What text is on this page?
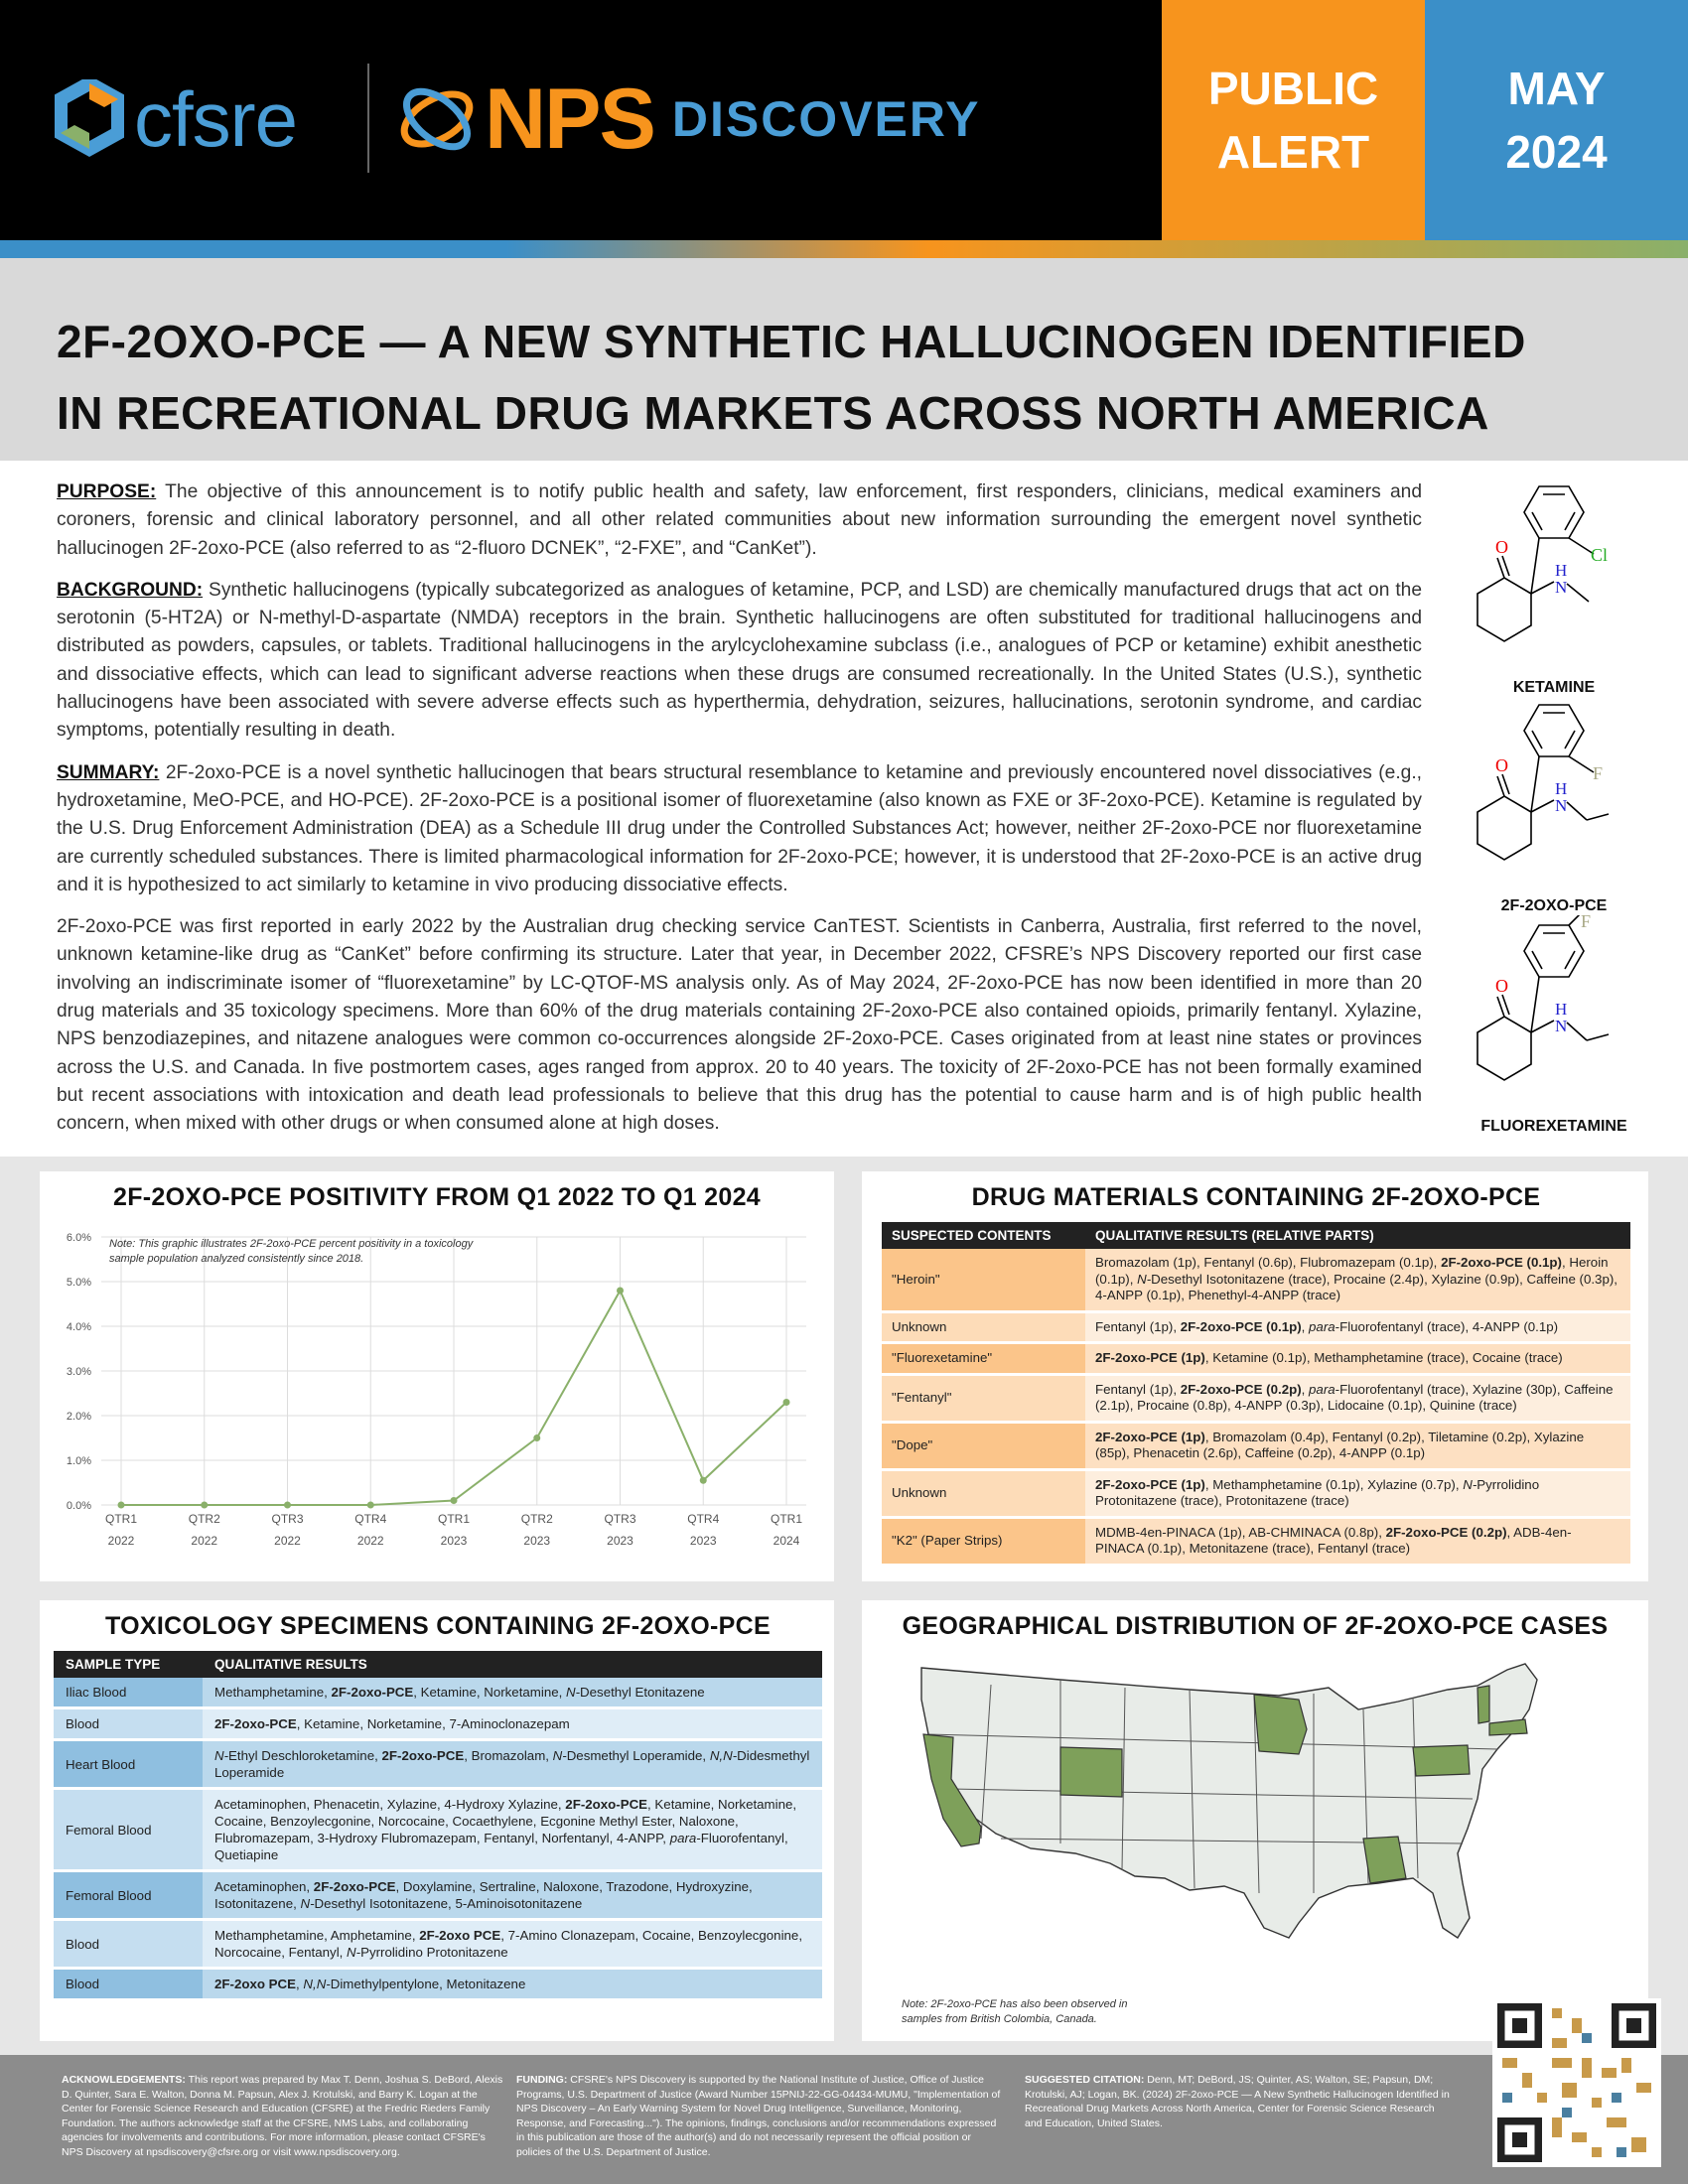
cfsre NPS DISCOVERY
PUBLIC
ALERT
MAY
2024
2F-2OXO-PCE — A NEW SYNTHETIC HALLUCINOGEN IDENTIFIED
IN RECREATIONAL DRUG MARKETS ACROSS NORTH AMERICA

PURPOSE: The objective of this announcement is to notify public health and safety, law enforcement, first responders, clinicians, medical examiners and coroners, forensic and clinical laboratory personnel, and all other related communities about new information surrounding the emergent novel synthetic hallucinogen 2F-2oxo-PCE (also referred to as “2-fluoro DCNEK”, “2-FXE”, and “CanKet”).

BACKGROUND: Synthetic hallucinogens (typically subcategorized as analogues of ketamine, PCP, and LSD) are chemically manufactured drugs that act on the serotonin (5-HT2A) or N-methyl-D-aspartate (NMDA) receptors in the brain. Synthetic hallucinogens are often substituted for traditional hallucinogens and distributed as powders, capsules, or tablets. Traditional hallucinogens in the arylcyclohexamine subclass (i.e., analogues of PCP or ketamine) exhibit anesthetic and dissociative effects, which can lead to significant adverse reactions when these drugs are consumed recreationally. In the United States (U.S.), synthetic hallucinogens have been associated with severe adverse effects such as hyperthermia, dehydration, seizures, hallucinations, serotonin syndrome, and cardiac symptoms, potentially resulting in death.

SUMMARY: 2F-2oxo-PCE is a novel synthetic hallucinogen that bears structural resemblance to ketamine and previously encountered novel dissociatives (e.g., hydroxetamine, MeO-PCE, and HO-PCE). 2F-2oxo-PCE is a positional isomer of fluorexetamine (also known as FXE or 3F-2oxo-PCE). Ketamine is regulated by the U.S. Drug Enforcement Administration (DEA) as a Schedule III drug under the Controlled Substances Act; however, neither 2F-2oxo-PCE nor fluorexetamine are currently scheduled substances. There is limited pharmacological information for 2F-2oxo-PCE; however, it is understood that 2F-2oxo-PCE is an active drug and it is hypothesized to act similarly to ketamine in vivo producing dissociative effects.

2F-2oxo-PCE was first reported in early 2022 by the Australian drug checking service CanTEST. Scientists in Canberra, Australia, first referred to the novel, unknown ketamine-like drug as “CanKet” before confirming its structure. Later that year, in December 2022, CFSRE’s NPS Discovery reported our first case involving an indiscriminate isomer of “fluorexetamine” by LC-QTOF-MS analysis only. As of May 2024, 2F-2oxo-PCE has now been identified in more than 20 drug materials and 35 toxicology specimens. More than 60% of the drug materials containing 2F-2oxo-PCE also contained opioids, primarily fentanyl. Xylazine, NPS benzodiazepines, and nitazene analogues were common co-occurrences alongside 2F-2oxo-PCE. Cases originated from at least nine states or provinces across the U.S. and Canada. In five postmortem cases, ages ranged from approx. 20 to 40 years. The toxicity of 2F-2oxo-PCE has not been formally examined but recent associations with intoxication and death lead professionals to believe that this drug has the potential to cause harm and is of high public health concern, when mixed with other drugs or when consumed alone at high doses.

O	Cl
H
N
KETAMINE
O	F
H
N
2F-2OXO-PCE
O
F
H
N
FLUOREXETAMINE
2F-2OXO-PCE POSITIVITY FROM Q1 2022 TO Q1 2024
0.0%
1.0%
2.0%
3.0%
4.0%
5.0%
6.0%
QTR1
2022
QTR2
2022
QTR3
2022
QTR4
2022
QTR1
2023
QTR2
2023
QTR3
2023
QTR4
2023
QTR1
2024
Note: This graphic illustrates 2F-2oxo-PCE percent positivity in a toxicology sample population analyzed consistently since 2018.
DRUG MATERIALS CONTAINING 2F-2OXO-PCE
SUSPECTED CONTENTS	QUALITATIVE RESULTS (RELATIVE PARTS)
"Heroin"	Bromazolam (1p), Fentanyl (0.6p), Flubromazepam (0.1p), 2F-2oxo-PCE (0.1p), Heroin (0.1p), N-Desethyl Isotonitazene (trace), Procaine (2.4p), Xylazine (0.9p), Caffeine (0.3p), 4-ANPP (0.1p), Phenethyl-4-ANPP (trace)
Unknown	Fentanyl (1p), 2F-2oxo-PCE (0.1p), para-Fluorofentanyl (trace), 4-ANPP (0.1p)
"Fluorexetamine"	2F-2oxo-PCE (1p), Ketamine (0.1p), Methamphetamine (trace), Cocaine (trace)
"Fentanyl"	Fentanyl (1p), 2F-2oxo-PCE (0.2p), para-Fluorofentanyl (trace), Xylazine (30p), Caffeine (2.1p), Procaine (0.8p), 4-ANPP (0.3p), Lidocaine (0.1p), Quinine (trace)
"Dope"	2F-2oxo-PCE (1p), Bromazolam (0.4p), Fentanyl (0.2p), Tiletamine (0.2p), Xylazine (85p), Phenacetin (2.6p), Caffeine (0.2p), 4-ANPP (0.1p)
Unknown	2F-2oxo-PCE (1p), Methamphetamine (0.1p), Xylazine (0.7p), N-Pyrrolidino Protonitazene (trace), Protonitazene (trace)
"K2" (Paper Strips)	MDMB-4en-PINACA (1p), AB-CHMINACA (0.8p), 2F-2oxo-PCE (0.2p), ADB-4en-PINACA (0.1p), Metonitazene (trace), Fentanyl (trace)
TOXICOLOGY SPECIMENS CONTAINING 2F-2OXO-PCE
SAMPLE TYPE	QUALITATIVE RESULTS
Iliac Blood	Methamphetamine, 2F-2oxo-PCE, Ketamine, Norketamine, N-Desethyl Etonitazene
Blood	2F-2oxo-PCE, Ketamine, Norketamine, 7-Aminoclonazepam
Heart Blood	N-Ethyl Deschloroketamine, 2F-2oxo-PCE, Bromazolam, N-Desmethyl Loperamide, N,N-Didesmethyl Loperamide
Femoral Blood	Acetaminophen, Phenacetin, Xylazine, 4-Hydroxy Xylazine, 2F-2oxo-PCE, Ketamine, Norketamine, Cocaine, Benzoylecgonine, Norcocaine, Cocaethylene, Ecgonine Methyl Ester, Naloxone, Flubromazepam, 3-Hydroxy Flubromazepam, Fentanyl, Norfentanyl, 4-ANPP, para-Fluorofentanyl, Quetiapine
Femoral Blood	Acetaminophen, 2F-2oxo-PCE, Doxylamine, Sertraline, Naloxone, Trazodone, Hydroxyzine, Isotonitazene, N-Desethyl Isotonitazene, 5-Aminoisotonitazene
Blood	Methamphetamine, Amphetamine, 2F-2oxo PCE, 7-Amino Clonazepam, Cocaine, Benzoylecgonine, Norcocaine, Fentanyl, N-Pyrrolidino Protonitazene
Blood	2F-2oxo PCE, N,N-Dimethylpentylone, Metonitazene
GEOGRAPHICAL DISTRIBUTION OF 2F-2OXO-PCE CASES
Note: 2F-2oxo-PCE has also been observed in samples from British Colombia, Canada.
ACKNOWLEDGEMENTS: This report was prepared by Max T. Denn, Joshua S. DeBord, Alexis D. Quinter, Sara E. Walton, Donna M. Papsun, Alex J. Krotulski, and Barry K. Logan at the Center for Forensic Science Research and Education (CFSRE) at the Fredric Rieders Family Foundation. The authors acknowledge staff at the CFSRE, NMS Labs, and collaborating agencies for involvements and contributions. For more information, please contact CFSRE's NPS Discovery at npsdiscovery@cfsre.org or visit www.npsdiscovery.org.
FUNDING: CFSRE's NPS Discovery is supported by the National Institute of Justice, Office of Justice Programs, U.S. Department of Justice (Award Number 15PNIJ-22-GG-04434-MUMU, "Implementation of NPS Discovery – An Early Warning System for Novel Drug Intelligence, Surveillance, Monitoring, Response, and Forecasting..."). The opinions, findings, conclusions and/or recommendations expressed in this publication are those of the author(s) and do not necessarily represent the official position or policies of the U.S. Department of Justice.
SUGGESTED CITATION: Denn, MT; DeBord, JS; Quinter, AS; Walton, SE; Papsun, DM; Krotulski, AJ; Logan, BK. (2024) 2F-2oxo-PCE — A New Synthetic Hallucinogen Identified in Recreational Drug Markets Across North America, Center for Forensic Science Research and Education, United States.
